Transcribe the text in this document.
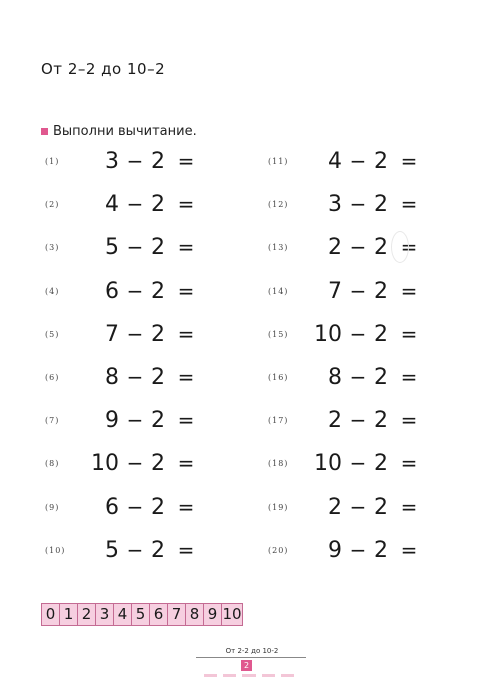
От 2–2 до 10–2
Выполни вычитание.
(1)	3 − 2 =
(2)	4 − 2 =
(3)	5 − 2 =
(4)	6 − 2 =
(5)	7 − 2 =
(6)	8 − 2 =
(7)	9 − 2 =
(8)	10 − 2 =
(9)	6 − 2 =
(10)	5 − 2 =
(11)	4 − 2 =
(12)	3 − 2 =
(13)	2 − 2 =
(14)	7 − 2 =
(15)	10 − 2 =
(16)	8 − 2 =
(17)	2 − 2 =
(18)	10 − 2 =
(19)	2 − 2 =
(20)	9 − 2 =
0 1 2 3 4 5 6 7 8 9 10
От 2-2 до 10-2
2
